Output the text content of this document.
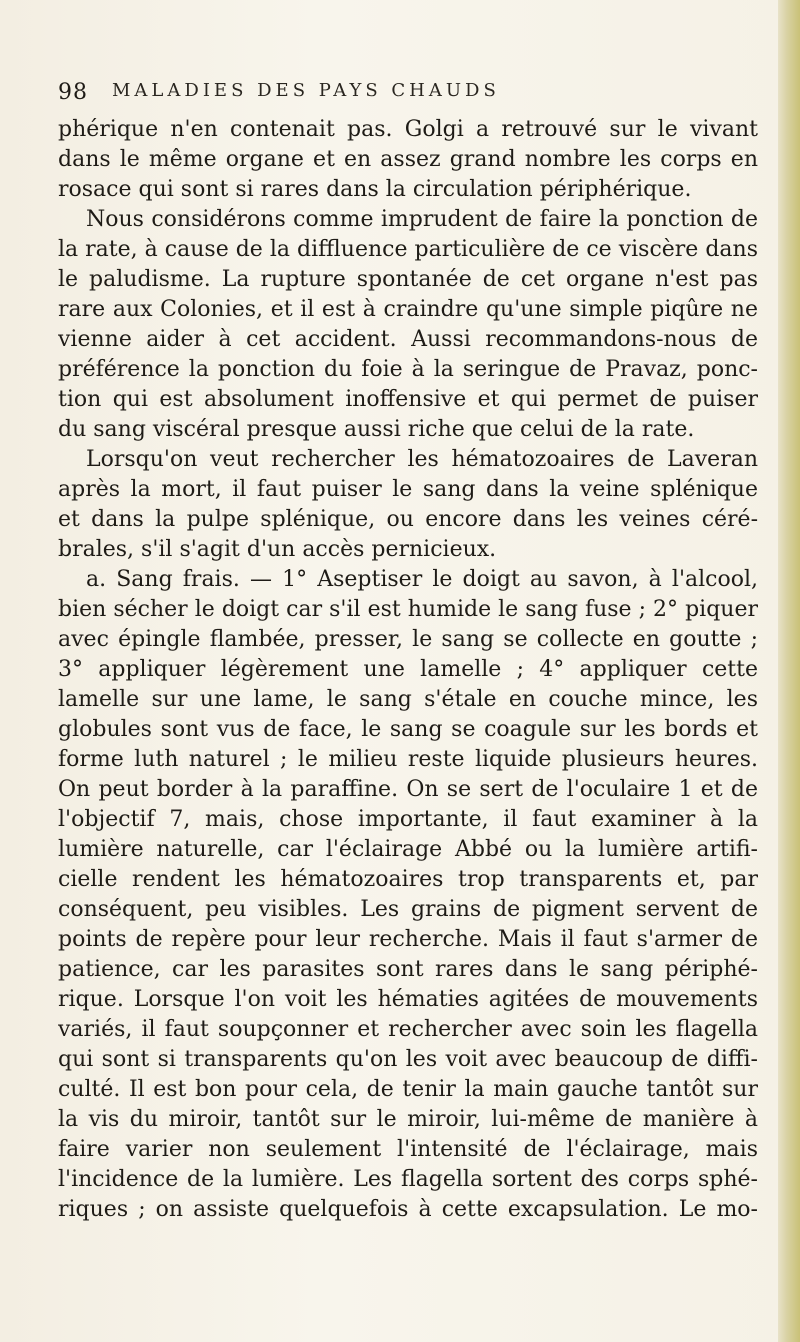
98 MALADIES DES PAYS CHAUDS
phérique n'en contenait pas. Golgi a retrouvé sur le vivant
dans le même organe et en assez grand nombre les corps en
rosace qui sont si rares dans la circulation périphérique.
Nous considérons comme imprudent de faire la ponction de
la rate, à cause de la diffluence particulière de ce viscère dans
le paludisme. La rupture spontanée de cet organe n'est pas
rare aux Colonies, et il est à craindre qu'une simple piqûre ne
vienne aider à cet accident. Aussi recommandons-nous de
préférence la ponction du foie à la seringue de Pravaz, ponc-
tion qui est absolument inoffensive et qui permet de puiser
du sang viscéral presque aussi riche que celui de la rate.
Lorsqu'on veut rechercher les hématozoaires de Laveran
après la mort, il faut puiser le sang dans la veine splénique
et dans la pulpe splénique, ou encore dans les veines céré-
brales, s'il s'agit d'un accès pernicieux.
a. Sang frais. — 1° Aseptiser le doigt au savon, à l'alcool,
bien sécher le doigt car s'il est humide le sang fuse ; 2° piquer
avec épingle flambée, presser, le sang se collecte en goutte ;
3° appliquer légèrement une lamelle ; 4° appliquer cette
lamelle sur une lame, le sang s'étale en couche mince, les
globules sont vus de face, le sang se coagule sur les bords et
forme luth naturel ; le milieu reste liquide plusieurs heures.
On peut border à la paraffine. On se sert de l'oculaire 1 et de
l'objectif 7, mais, chose importante, il faut examiner à la
lumière naturelle, car l'éclairage Abbé ou la lumière artifi-
cielle rendent les hématozoaires trop transparents et, par
conséquent, peu visibles. Les grains de pigment servent de
points de repère pour leur recherche. Mais il faut s'armer de
patience, car les parasites sont rares dans le sang périphé-
rique. Lorsque l'on voit les hématies agitées de mouvements
variés, il faut soupçonner et rechercher avec soin les flagella
qui sont si transparents qu'on les voit avec beaucoup de diffi-
culté. Il est bon pour cela, de tenir la main gauche tantôt sur
la vis du miroir, tantôt sur le miroir, lui-même de manière à
faire varier non seulement l'intensité de l'éclairage, mais
l'incidence de la lumière. Les flagella sortent des corps sphé-
riques ; on assiste quelquefois à cette excapsulation. Le mo-
